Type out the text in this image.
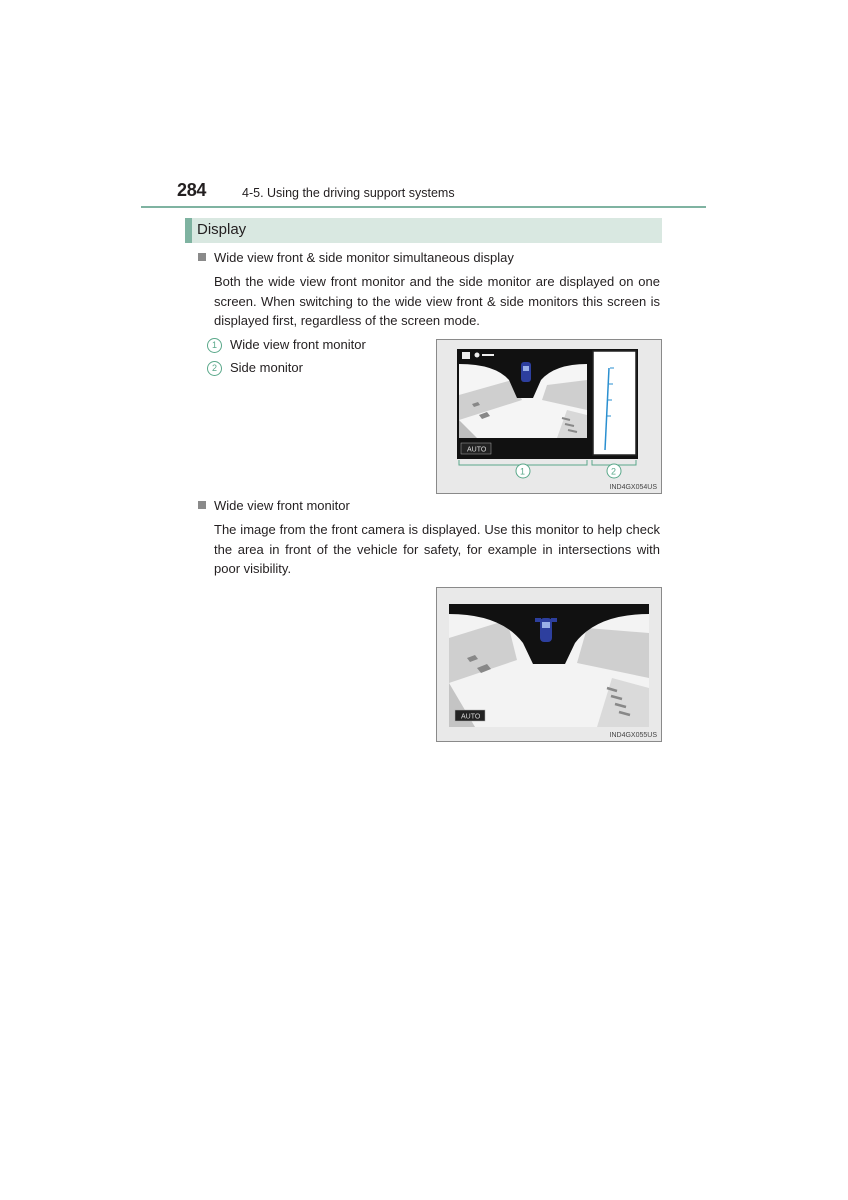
284	4-5. Using the driving support systems
Display
Wide view front & side monitor simultaneous display
Both the wide view front monitor and the side monitor are displayed on one screen. When switching to the wide view front & side monitors this screen is displayed first, regardless of the screen mode.
1 Wide view front monitor
2 Side monitor
AUTO
1	2
IND4GX054US
Wide view front monitor
The image from the front camera is displayed. Use this monitor to help check the area in front of the vehicle for safety, for example in intersections with poor visibility.
AUTO
IND4GX055US
